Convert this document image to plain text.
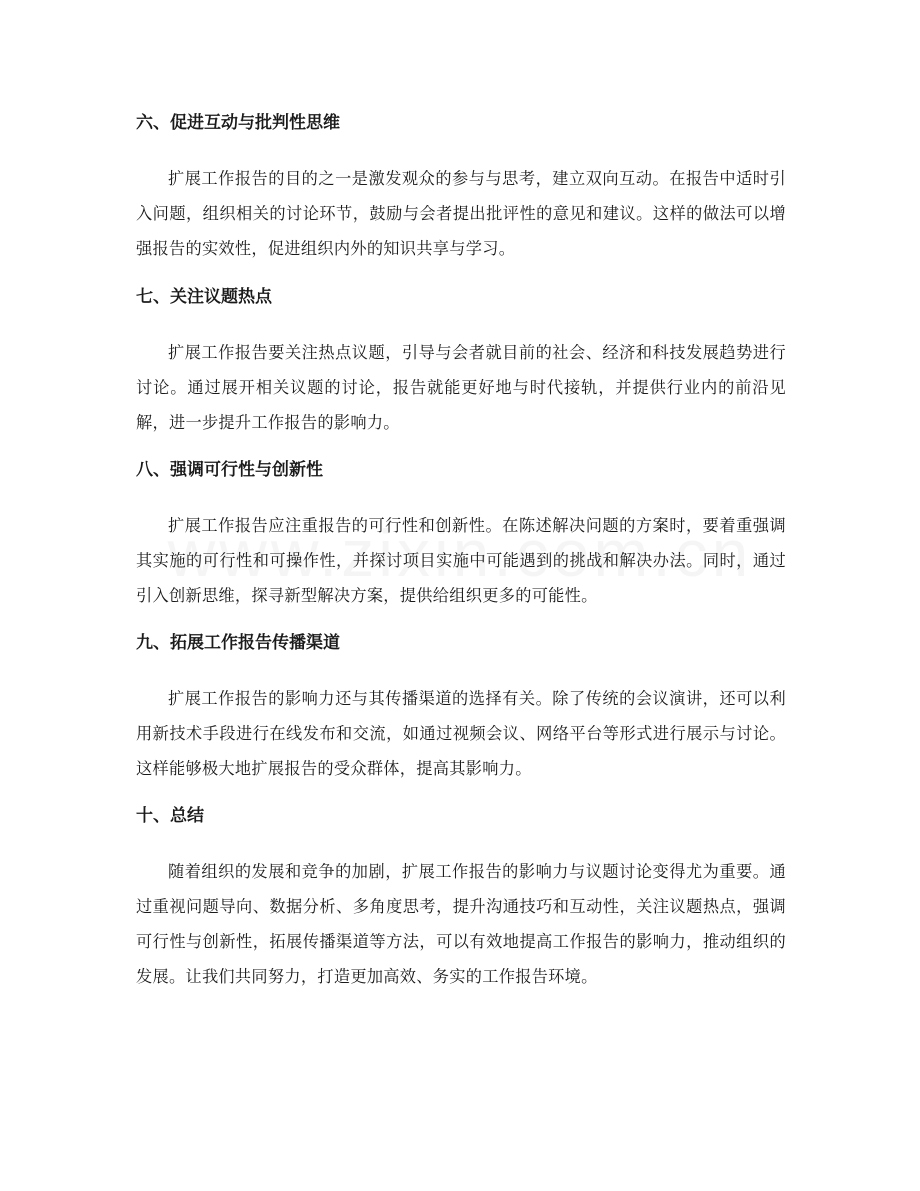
六、促进互动与批判性思维

扩展工作报告的目的之一是激发观众的参与与思考，建立双向互动。在报告中适时引入问题，组织相关的讨论环节，鼓励与会者提出批评性的意见和建议。这样的做法可以增强报告的实效性，促进组织内外的知识共享与学习。

七、关注议题热点

扩展工作报告要关注热点议题，引导与会者就目前的社会、经济和科技发展趋势进行讨论。通过展开相关议题的讨论，报告就能更好地与时代接轨，并提供行业内的前沿见解，进一步提升工作报告的影响力。

八、强调可行性与创新性

扩展工作报告应注重报告的可行性和创新性。在陈述解决问题的方案时，要着重强调其实施的可行性和可操作性，并探讨项目实施中可能遇到的挑战和解决办法。同时，通过引入创新思维，探寻新型解决方案，提供给组织更多的可能性。

九、拓展工作报告传播渠道

扩展工作报告的影响力还与其传播渠道的选择有关。除了传统的会议演讲，还可以利用新技术手段进行在线发布和交流，如通过视频会议、网络平台等形式进行展示与讨论。这样能够极大地扩展报告的受众群体，提高其影响力。

十、总结

随着组织的发展和竞争的加剧，扩展工作报告的影响力与议题讨论变得尤为重要。通过重视问题导向、数据分析、多角度思考，提升沟通技巧和互动性，关注议题热点，强调可行性与创新性，拓展传播渠道等方法，可以有效地提高工作报告的影响力，推动组织的发展。让我们共同努力，打造更加高效、务实的工作报告环境。
